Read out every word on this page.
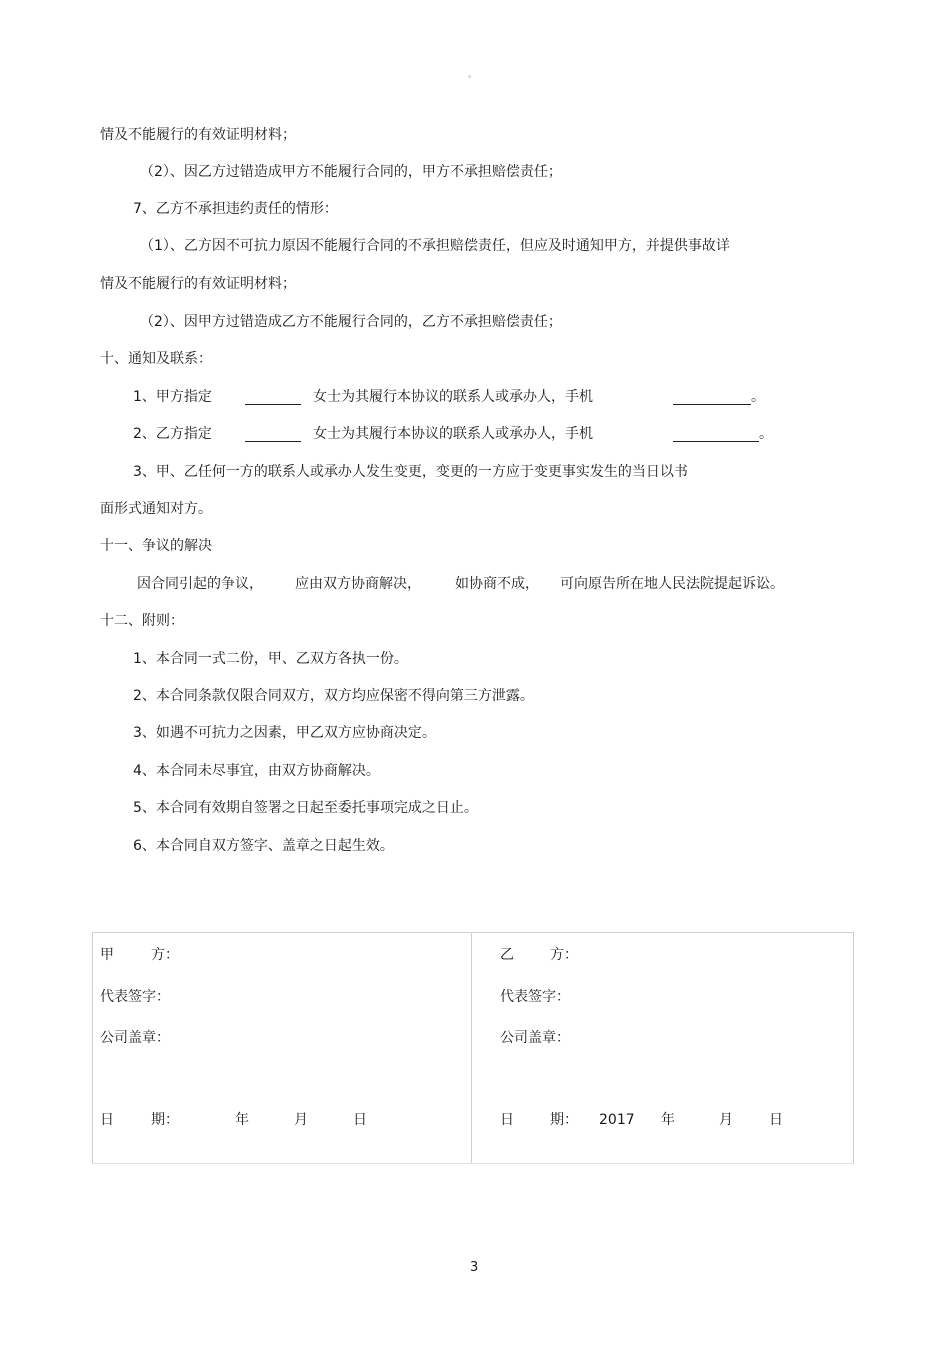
。
情及不能履行的有效证明材料；
（2）、因乙方过错造成甲方不能履行合同的，甲方不承担赔偿责任；
7、乙方不承担违约责任的情形：
（1）、乙方因不可抗力原因不能履行合同的不承担赔偿责任，但应及时通知甲方，并提供事故详
情及不能履行的有效证明材料；
（2）、因甲方过错造成乙方不能履行合同的，乙方不承担赔偿责任；
十、通知及联系：
1、甲方指定	女士为其履行本协议的联系人或承办人，手机	。
2、乙方指定	女士为其履行本协议的联系人或承办人，手机	。
3、甲、乙任何一方的联系人或承办人发生变更，变更的一方应于变更事实发生的当日以书
面形式通知对方。
十一、争议的解决
因合同引起的争议， 应由双方协商解决， 如协商不成， 可向原告所在地人民法院提起诉讼。
十二、附则：
1、本合同一式二份，甲、乙双方各执一份。
2、本合同条款仅限合同双方，双方均应保密不得向第三方泄露。
3、如遇不可抗力之因素，甲乙双方应协商决定。
4、本合同未尽事宜，由双方协商解决。
5、本合同有效期自签署之日起至委托事项完成之日止。
6、本合同自双方签字、盖章之日起生效。
甲	方：
代表签字：
公司盖章：
日	期：	年	月	日
乙	方：
代表签字：
公司盖章：
日	期： 2017 年	月	日
3
